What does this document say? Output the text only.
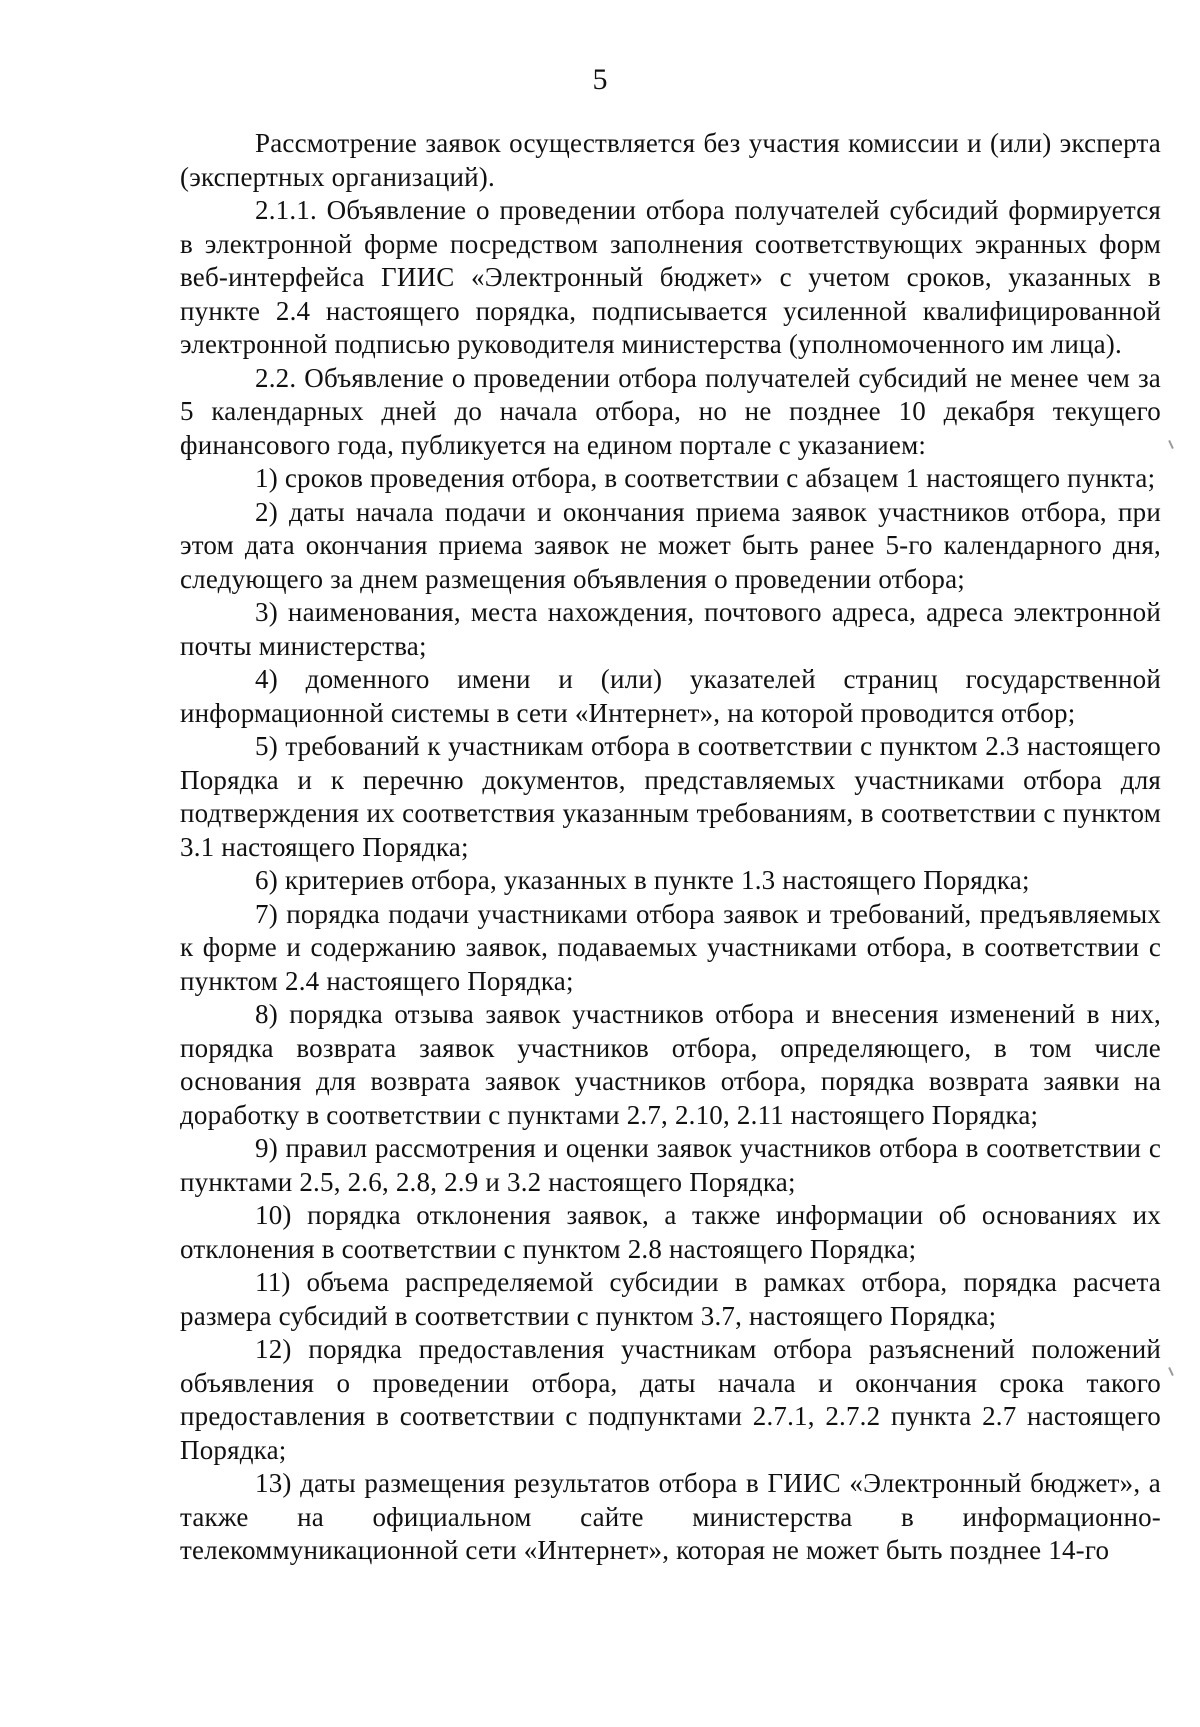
5

Рассмотрение заявок осуществляется без участия комиссии и (или) эксперта (экспертных организаций).

2.1.1. Объявление о проведении отбора получателей субсидий формируется в электронной форме посредством заполнения соответствующих экранных форм веб-интерфейса ГИИС «Электронный бюджет» с учетом сроков, указанных в пункте 2.4 настоящего порядка, подписывается усиленной квалифицированной электронной подписью руководителя министерства (уполномоченного им лица).

2.2. Объявление о проведении отбора получателей субсидий не менее чем за 5 календарных дней до начала отбора, но не позднее 10 декабря текущего финансового года, публикуется на едином портале с указанием:

1) сроков проведения отбора, в соответствии с абзацем 1 настоящего пункта;

2) даты начала подачи и окончания приема заявок участников отбора, при этом дата окончания приема заявок не может быть ранее 5-го календарного дня, следующего за днем размещения объявления о проведении отбора;

3) наименования, места нахождения, почтового адреса, адреса электронной почты министерства;

4) доменного имени и (или) указателей страниц государственной информационной системы в сети «Интернет», на которой проводится отбор;

5) требований к участникам отбора в соответствии с пунктом 2.3 настоящего Порядка и к перечню документов, представляемых участниками отбора для подтверждения их соответствия указанным требованиям, в соответствии с пунктом 3.1 настоящего Порядка;

6) критериев отбора, указанных в пункте 1.3 настоящего Порядка;

7) порядка подачи участниками отбора заявок и требований, предъявляемых к форме и содержанию заявок, подаваемых участниками отбора, в соответствии с пунктом 2.4 настоящего Порядка;

8) порядка отзыва заявок участников отбора и внесения изменений в них, порядка возврата заявок участников отбора, определяющего, в том числе основания для возврата заявок участников отбора, порядка возврата заявки на доработку в соответствии с пунктами 2.7, 2.10, 2.11 настоящего Порядка;

9) правил рассмотрения и оценки заявок участников отбора в соответствии с пунктами 2.5, 2.6, 2.8, 2.9 и 3.2 настоящего Порядка;

10) порядка отклонения заявок, а также информации об основаниях их отклонения в соответствии с пунктом 2.8 настоящего Порядка;

11) объема распределяемой субсидии в рамках отбора, порядка расчета размера субсидий в соответствии с пунктом 3.7, настоящего Порядка;

12) порядка предоставления участникам отбора разъяснений положений объявления о проведении отбора, даты начала и окончания срока такого предоставления в соответствии с подпунктами 2.7.1, 2.7.2 пункта 2.7 настоящего Порядка;

13) даты размещения результатов отбора в ГИИС «Электронный бюджет», а также на официальном сайте министерства в информационно-телекоммуникационной сети «Интернет», которая не может быть позднее 14-го
